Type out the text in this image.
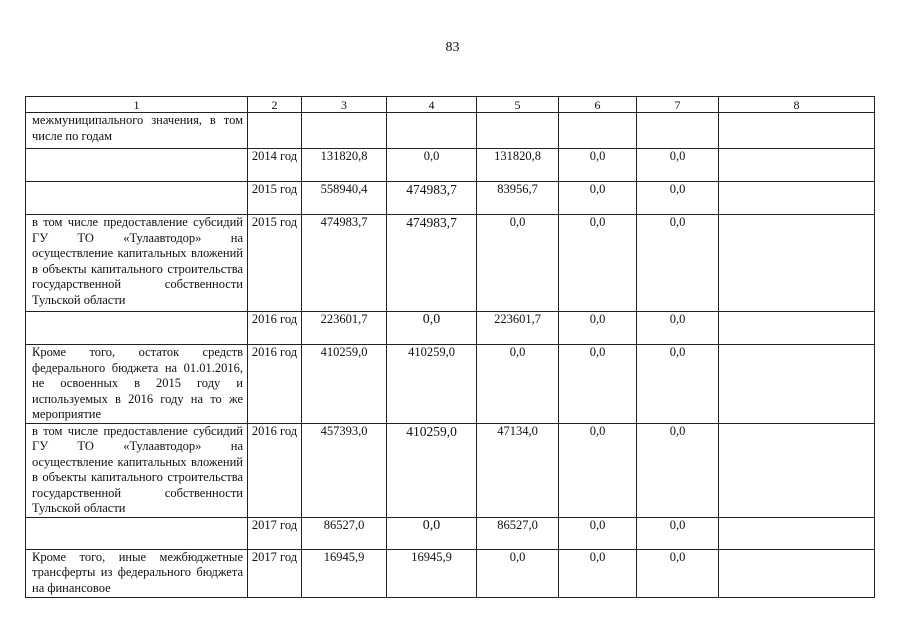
83
1	2	3	4	5	6	7	8
межмуниципального значения, в том числе по годам							
	2014 год	131820,8	0,0	131820,8	0,0	0,0	
	2015 год	558940,4	474983,7	83956,7	0,0	0,0	
в том числе предоставление субсидий ГУ ТО «Тулаавтодор» на осуществление капитальных вложений в объекты капитального строительства государственной собственности Тульской области	2015 год	474983,7	474983,7	0,0	0,0	0,0	
	2016 год	223601,7	0,0	223601,7	0,0	0,0	
Кроме того, остаток средств федерального бюджета на 01.01.2016, не освоенных в 2015 году и используемых в 2016 году на то же мероприятие	2016 год	410259,0	410259,0	0,0	0,0	0,0	
в том числе предоставление субсидий ГУ ТО «Тулаавтодор» на осуществление капитальных вложений в объекты капитального строительства государственной собственности Тульской области	2016 год	457393,0	410259,0	47134,0	0,0	0,0	
	2017 год	86527,0	0,0	86527,0	0,0	0,0	
Кроме того, иные межбюджетные трансферты из федерального бюджета на финансовое	2017 год	16945,9	16945,9	0,0	0,0	0,0	
